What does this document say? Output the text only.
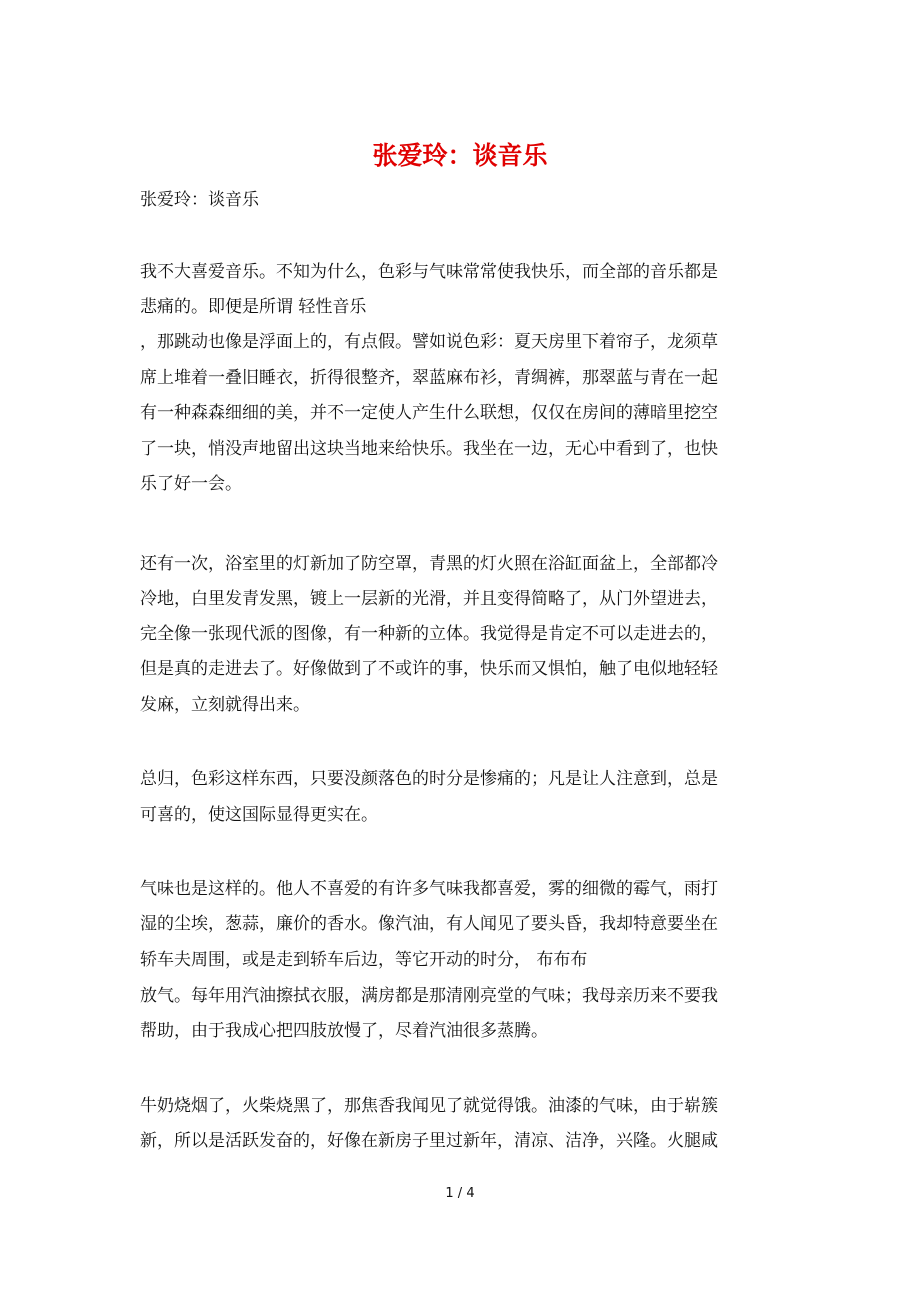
张爱玲：谈音乐

张爱玲：谈音乐

我不大喜爱音乐。不知为什么，色彩与气味常常使我快乐，而全部的音乐都是

悲痛的。即便是所谓 轻性音乐

，那跳动也像是浮面上的，有点假。譬如说色彩：夏天房里下着帘子，龙须草

席上堆着一叠旧睡衣，折得很整齐，翠蓝麻布衫，青绸裤，那翠蓝与青在一起

有一种森森细细的美，并不一定使人产生什么联想，仅仅在房间的薄暗里挖空

了一块，悄没声地留出这块当地来给快乐。我坐在一边，无心中看到了，也快

乐了好一会。

还有一次，浴室里的灯新加了防空罩，青黑的灯火照在浴缸面盆上，全部都冷

冷地，白里发青发黑，镀上一层新的光滑，并且变得简略了，从门外望进去，

完全像一张现代派的图像，有一种新的立体。我觉得是肯定不可以走进去的，

但是真的走进去了。好像做到了不或许的事，快乐而又惧怕，触了电似地轻轻

发麻，立刻就得出来。

总归，色彩这样东西，只要没颜落色的时分是惨痛的；凡是让人注意到，总是

可喜的，使这国际显得更实在。

气味也是这样的。他人不喜爱的有许多气味我都喜爱，雾的细微的霉气，雨打

湿的尘埃，葱蒜，廉价的香水。像汽油，有人闻见了要头昏，我却特意要坐在

轿车夫周围，或是走到轿车后边，等它开动的时分， 布布布

放气。每年用汽油擦拭衣服，满房都是那清刚亮堂的气味；我母亲历来不要我

帮助，由于我成心把四肢放慢了，尽着汽油很多蒸腾。

牛奶烧烟了，火柴烧黑了，那焦香我闻见了就觉得饿。油漆的气味，由于崭簇

新，所以是活跃发奋的，好像在新房子里过新年，清凉、洁净，兴隆。火腿咸

1 / 4
